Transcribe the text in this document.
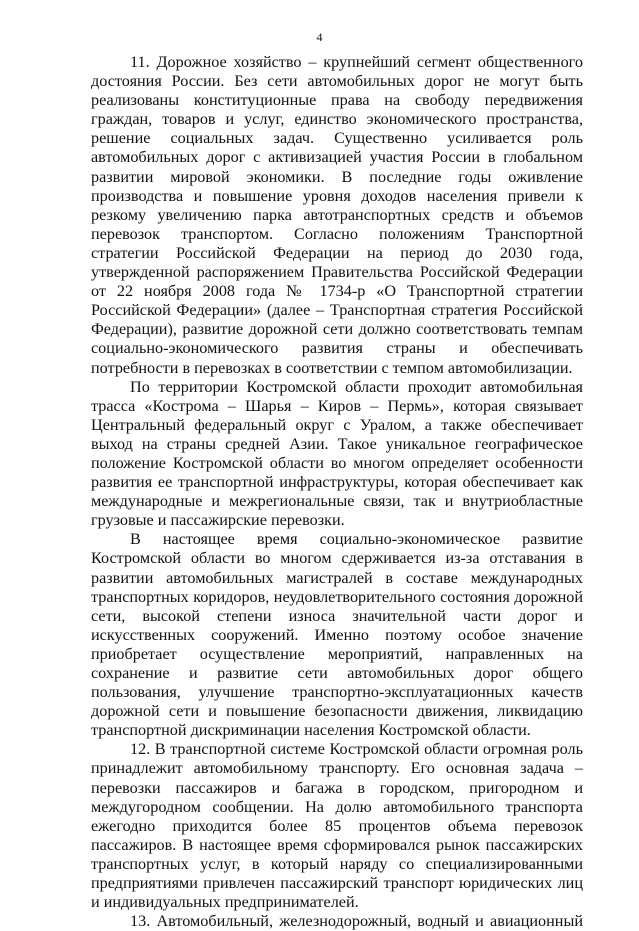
4

11. Дорожное хозяйство – крупнейший сегмент общественного достояния России. Без сети автомобильных дорог не могут быть реализованы конституционные права на свободу передвижения граждан, товаров и услуг, единство экономического пространства, решение социальных задач. Существенно усиливается роль автомобильных дорог с активизацией участия России в глобальном развитии мировой экономики. В последние годы оживление производства и повышение уровня доходов населения привели к резкому увеличению парка автотранспортных средств и объемов перевозок транспортом. Согласно положениям Транспортной стратегии Российской Федерации на период до 2030 года, утвержденной распоряжением Правительства Российской Федерации от 22 ноября 2008 года № 1734-р «О Транспортной стратегии Российской Федерации» (далее – Транспортная стратегия Российской Федерации), развитие дорожной сети должно соответствовать темпам социально-экономического развития страны и обеспечивать потребности в перевозках в соответствии с темпом автомобилизации.

По территории Костромской области проходит автомобильная трасса «Кострома – Шарья – Киров – Пермь», которая связывает Центральный федеральный округ с Уралом, а также обеспечивает выход на страны средней Азии. Такое уникальное географическое положение Костромской области во многом определяет особенности развития ее транспортной инфраструктуры, которая обеспечивает как международные и межрегиональные связи, так и внутриобластные грузовые и пассажирские перевозки.

В настоящее время социально-экономическое развитие Костромской области во многом сдерживается из-за отставания в развитии автомобильных магистралей в составе международных транспортных коридоров, неудовлетворительного состояния дорожной сети, высокой степени износа значительной части дорог и искусственных сооружений. Именно поэтому особое значение приобретает осуществление мероприятий, направленных на сохранение и развитие сети автомобильных дорог общего пользования, улучшение транспортно-эксплуатационных качеств дорожной сети и повышение безопасности движения, ликвидацию транспортной дискриминации населения Костромской области.

12. В транспортной системе Костромской области огромная роль принадлежит автомобильному транспорту. Его основная задача – перевозки пассажиров и багажа в городском, пригородном и междугородном сообщении. На долю автомобильного транспорта ежегодно приходится более 85 процентов объема перевозок пассажиров. В настоящее время сформировался рынок пассажирских транспортных услуг, в который наряду со специализированными предприятиями привлечен пассажирский транспорт юридических лиц и индивидуальных предпринимателей.

13. Автомобильный, железнодорожный, водный и авиационный
